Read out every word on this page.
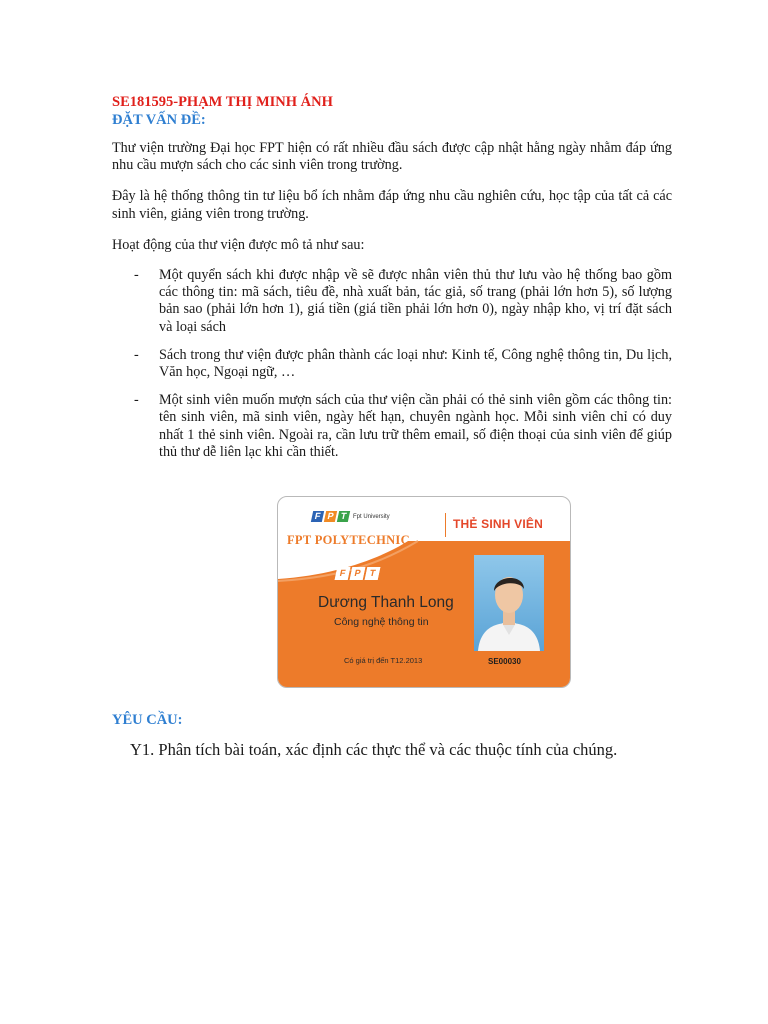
SE181595-PHẠM THỊ MINH ÁNH
ĐẶT VẤN ĐỀ:

Thư viện trường Đại học FPT hiện có rất nhiều đầu sách được cập nhật hằng ngày nhằm đáp ứng nhu cầu mượn sách cho các sinh viên trong trường.

Đây là hệ thống thông tin tư liệu bổ ích nhằm đáp ứng nhu cầu nghiên cứu, học tập của tất cả các sinh viên, giảng viên trong trường.

Hoạt động của thư viện được mô tả như sau:

- Một quyển sách khi được nhập về sẽ được nhân viên thủ thư lưu vào hệ thống bao gồm các thông tin: mã sách, tiêu đề, nhà xuất bản, tác giả, số trang (phải lớn hơn 5), số lượng bản sao (phải lớn hơn 1), giá tiền (giá tiền phải lớn hơn 0), ngày nhập kho, vị trí đặt sách và loại sách
- Sách trong thư viện được phân thành các loại như: Kinh tế, Công nghệ thông tin, Du lịch, Văn học, Ngoại ngữ, …
- Một sinh viên muốn mượn sách của thư viện cần phải có thẻ sinh viên gồm các thông tin: tên sinh viên, mã sinh viên, ngày hết hạn, chuyên ngành học. Mỗi sinh viên chỉ có duy nhất 1 thẻ sinh viên. Ngoài ra, cần lưu trữ thêm email, số điện thoại của sinh viên để giúp thủ thư dễ liên lạc khi cần thiết.
F P T Fpt University
FPT POLYTECHNIC
THẺ SINH VIÊN
F P T
Dương Thanh Long
Công nghệ thông tin
Có giá trị đến T12.2013	SE00030
YÊU CẦU:
Y1. Phân tích bài toán, xác định các thực thể và các thuộc tính của chúng.
